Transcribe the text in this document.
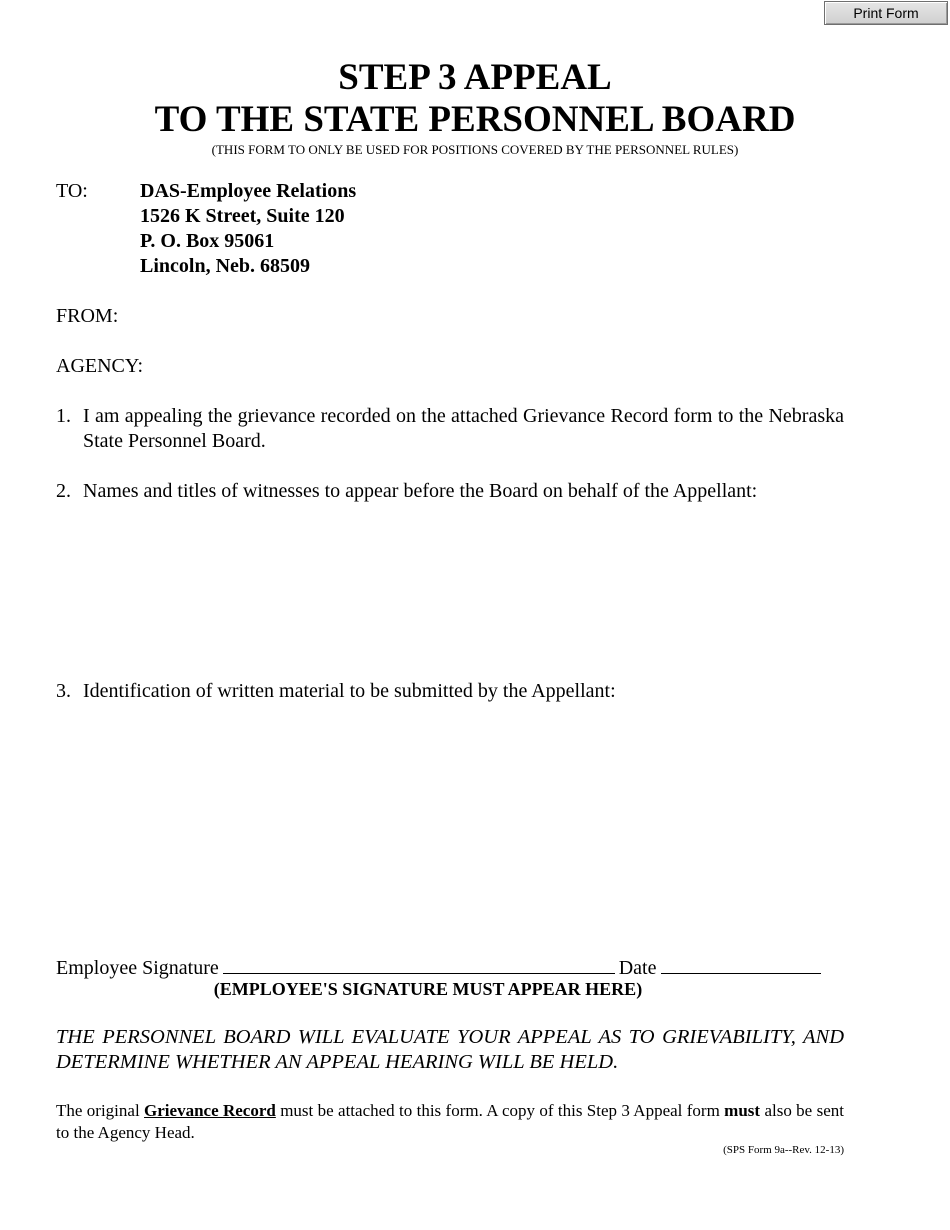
Print Form
STEP 3 APPEAL
TO THE STATE PERSONNEL BOARD
(THIS FORM TO ONLY BE USED FOR POSITIONS COVERED BY THE PERSONNEL RULES)
TO:	DAS-Employee Relations
1526 K Street, Suite 120
P. O. Box 95061
Lincoln, Neb. 68509
FROM:
AGENCY:
1. I am appealing the grievance recorded on the attached Grievance Record form to the Nebraska State Personnel Board.
2. Names and titles of witnesses to appear before the Board on behalf of the Appellant:
3. Identification of written material to be submitted by the Appellant:
Employee Signature	Date
(EMPLOYEE'S SIGNATURE MUST APPEAR HERE)
THE PERSONNEL BOARD WILL EVALUATE YOUR APPEAL AS TO GRIEVABILITY, AND DETERMINE WHETHER AN APPEAL HEARING WILL BE HELD.
The original Grievance Record must be attached to this form. A copy of this Step 3 Appeal form must also be sent to the Agency Head.
(SPS Form 9a--Rev. 12-13)
